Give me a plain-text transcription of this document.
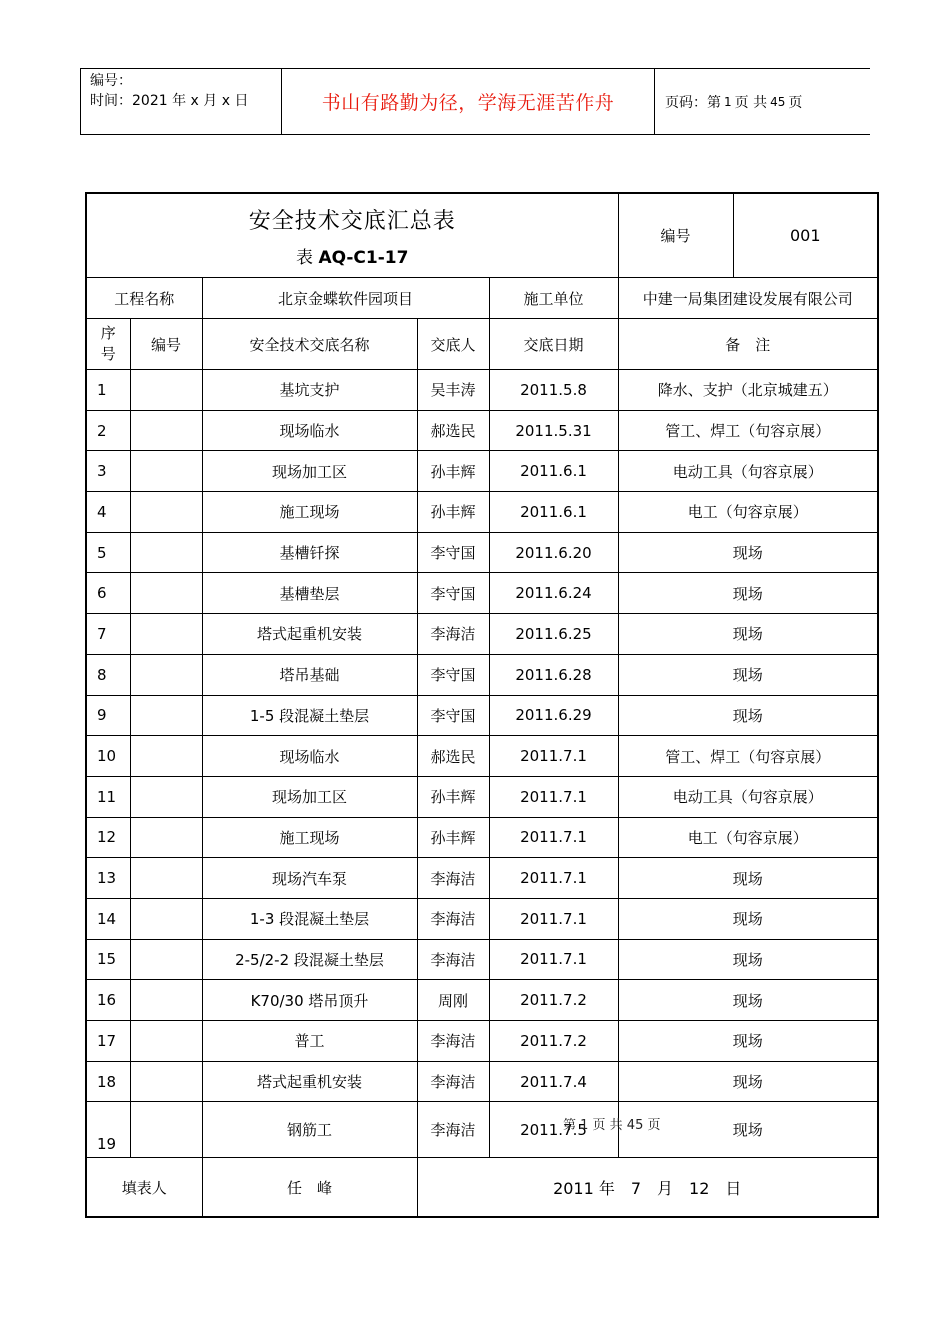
编号：
时间：2021 年 x 月 x 日	书山有路勤为径，学海无涯苦作舟	页码：第 1 页 共 45 页
安全技术交底汇总表
表 AQ-C1-17					编号	001
工程名称		北京金蝶软件园项目		施工单位	中建一局集团建设发展有限公司	
序号	编号	安全技术交底名称	交底人	交底日期	备　注	
1		基坑支护	吴丰涛	2011.5.8	降水、支护（北京城建五）	
2		现场临水	郝选民	2011.5.31	管工、焊工（句容京展）	
3		现场加工区	孙丰辉	2011.6.1	电动工具（句容京展）	
4		施工现场	孙丰辉	2011.6.1	电工（句容京展）	
5		基槽钎探	李守国	2011.6.20	现场	
6		基槽垫层	李守国	2011.6.24	现场	
7		塔式起重机安装	李海洁	2011.6.25	现场	
8		塔吊基础	李守国	2011.6.28	现场	
9		1-5 段混凝土垫层	李守国	2011.6.29	现场	
10		现场临水	郝选民	2011.7.1	管工、焊工（句容京展）	
11		现场加工区	孙丰辉	2011.7.1	电动工具（句容京展）	
12		施工现场	孙丰辉	2011.7.1	电工（句容京展）	
13		现场汽车泵	李海洁	2011.7.1	现场	
14		1-3 段混凝土垫层	李海洁	2011.7.1	现场	
15		2-5/2-2 段混凝土垫层	李海洁	2011.7.1	现场	
16		K70/30 塔吊顶升	周刚	2011.7.2	现场	
17		普工	李海洁	2011.7.2	现场	
18		塔式起重机安装	李海洁	2011.7.4	现场	
19		钢筋工	李海洁	2011.7.5	现场	
填表人		任　峰	2011 年　7　月　12　日			
第 1 页 共 45 页
